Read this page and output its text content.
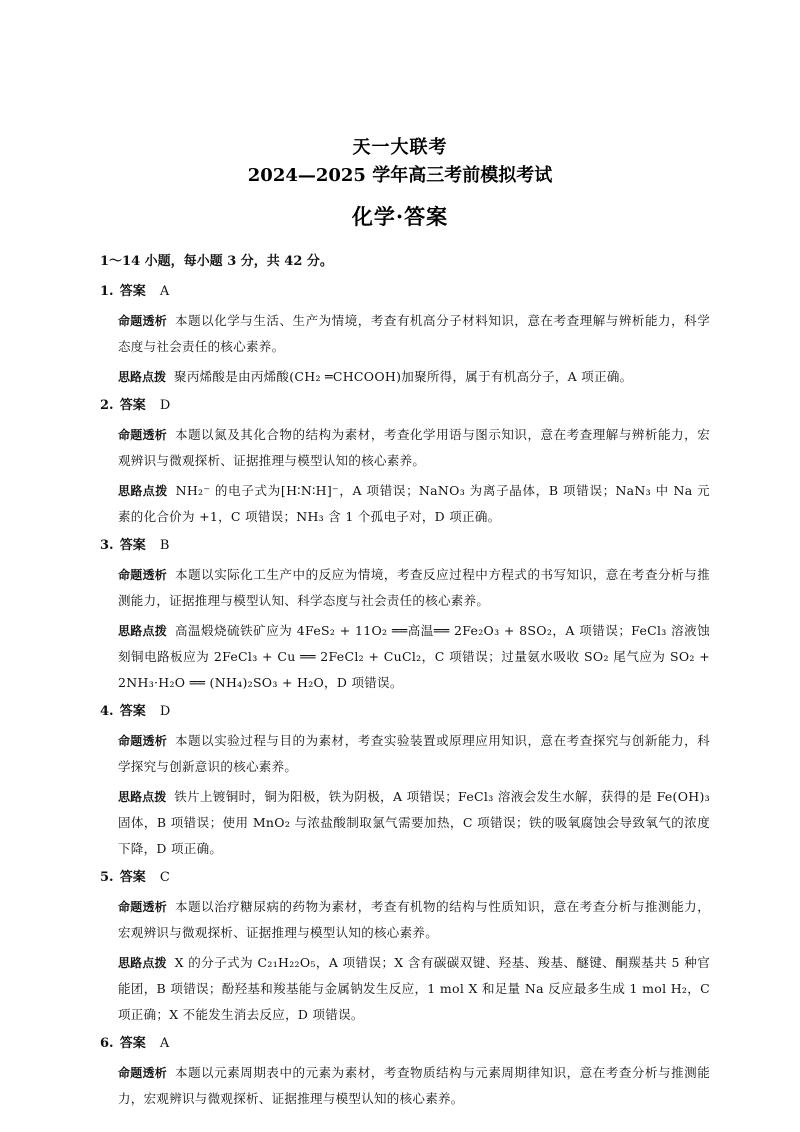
天一大联考
2024—2025 学年高三考前模拟考试
化学·答案
1～14 小题，每小题 3 分，共 42 分。
1. 答案 A
命题透析 本题以化学与生活、生产为情境，考查有机高分子材料知识，意在考查理解与辨析能力，科学态度与社会责任的核心素养。
思路点拨 聚丙烯酸是由丙烯酸(CH₂ ═CHCOOH)加聚所得，属于有机高分子，A 项正确。
2. 答案 D
命题透析 本题以氮及其化合物的结构为素材，考查化学用语与图示知识，意在考查理解与辨析能力，宏观辨识与微观探析、证据推理与模型认知的核心素养。
思路点拨 NH₂⁻ 的电子式为[H∶N∶H]⁻，A 项错误；NaNO₃ 为离子晶体，B 项错误；NaN₃ 中 Na 元素的化合价为 +1，C 项错误；NH₃ 含 1 个孤电子对，D 项正确。
3. 答案 B
命题透析 本题以实际化工生产中的反应为情境，考查反应过程中方程式的书写知识，意在考查分析与推测能力，证据推理与模型认知、科学态度与社会责任的核心素养。
思路点拨 高温煅烧硫铁矿应为 4FeS₂ + 11O₂ ══高温══ 2Fe₂O₃ + 8SO₂，A 项错误；FeCl₃ 溶液蚀刻铜电路板应为 2FeCl₃ + Cu ══ 2FeCl₂ + CuCl₂，C 项错误；过量氨水吸收 SO₂ 尾气应为 SO₂ + 2NH₃·H₂O ══ (NH₄)₂SO₃ + H₂O，D 项错误。
4. 答案 D
命题透析 本题以实验过程与目的为素材，考查实验装置或原理应用知识，意在考查探究与创新能力，科学探究与创新意识的核心素养。
思路点拨 铁片上镀铜时，铜为阳极，铁为阴极，A 项错误；FeCl₃ 溶液会发生水解，获得的是 Fe(OH)₃ 固体，B 项错误；使用 MnO₂ 与浓盐酸制取氯气需要加热，C 项错误；铁的吸氧腐蚀会导致氧气的浓度下降，D 项正确。
5. 答案 C
命题透析 本题以治疗糖尿病的药物为素材，考查有机物的结构与性质知识，意在考查分析与推测能力，宏观辨识与微观探析、证据推理与模型认知的核心素养。
思路点拨 X 的分子式为 C₂₁H₂₂O₅，A 项错误；X 含有碳碳双键、羟基、羧基、醚键、酮羰基共 5 种官能团，B 项错误；酚羟基和羧基能与金属钠发生反应，1 mol X 和足量 Na 反应最多生成 1 mol H₂，C 项正确；X 不能发生消去反应，D 项错误。
6. 答案 A
命题透析 本题以元素周期表中的元素为素材，考查物质结构与元素周期律知识，意在考查分析与推测能力，宏观辨识与微观探析、证据推理与模型认知的核心素养。
